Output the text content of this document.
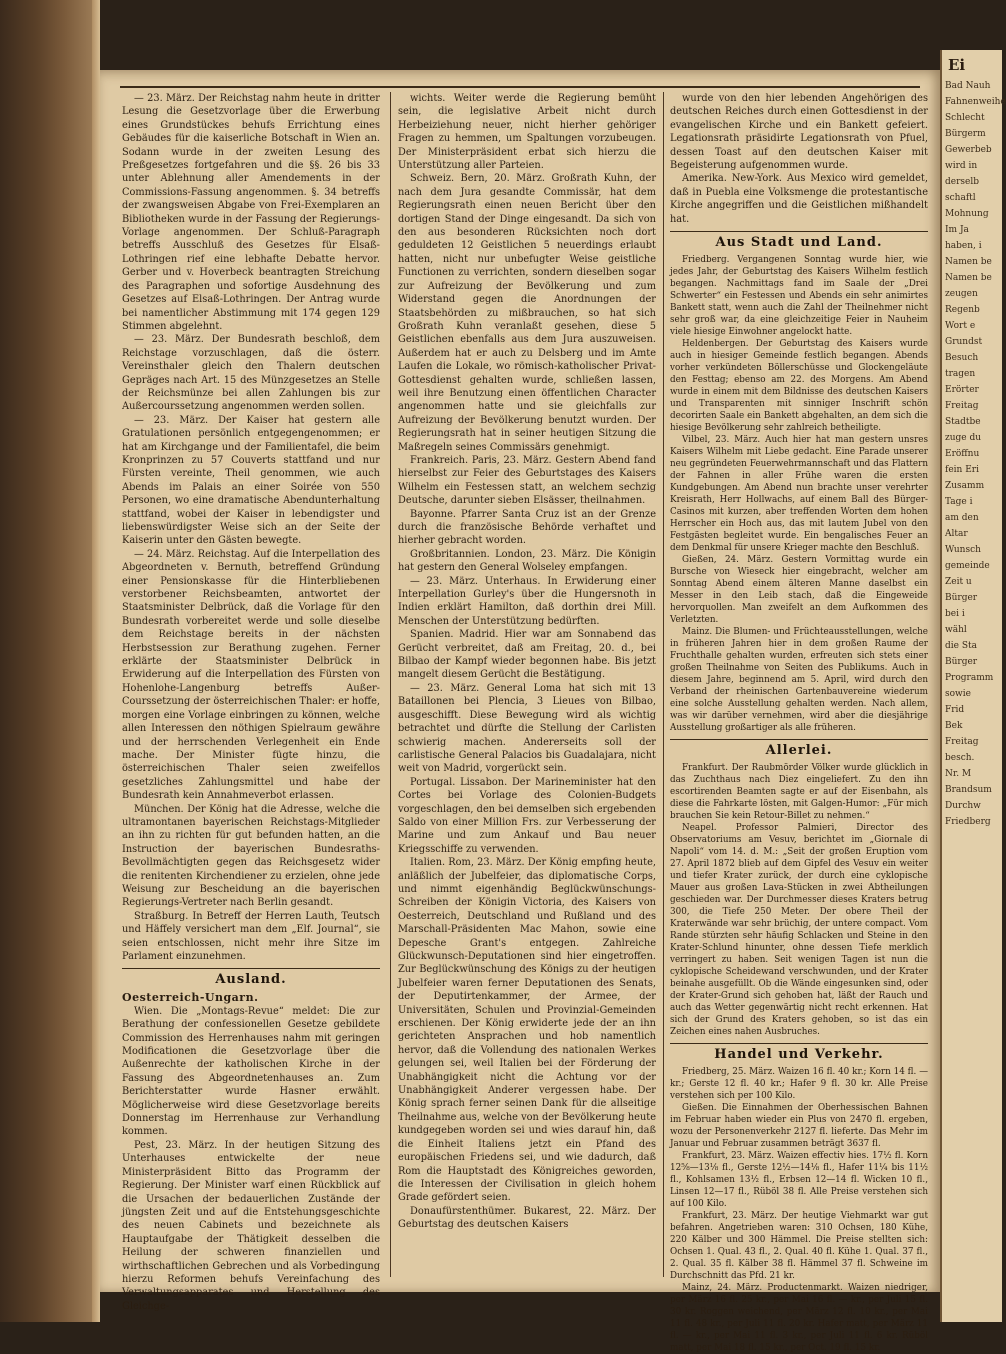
Ei
Bad Nauh
Fahnenweihe
Schlecht
Bürgerm
Gewerbeb
wird in
derselb
schaftl
Mohnung
Im Ja
haben, i
Namen be
Namen be
zeugen
Regenb
Wort e
Grundst
Besuch
tragen
Erörter
Freitag
Stadtbe
zuge du
Eröffnu
fein Eri
Zusamm
Tage i
am den
Altar
Wunsch
gemeinde
Zeit u
Bürger
bei i
wähl
die Sta
Bürger
Programm
sowie
Frid
Bek
Freitag
besch.
Nr. M
Brandsum
Durchw
Friedberg

— 23. März. Der Reichstag nahm heute in dritter Lesung die Gesetzvorlage über die Erwerbung eines Grundstückes behufs Errichtung eines Gebäudes für die kaiserliche Botschaft in Wien an. Sodann wurde in der zweiten Lesung des Preßgesetzes fortgefahren und die §§. 26 bis 33 unter Ablehnung aller Amendements in der Commissions-Fassung angenommen. §. 34 betreffs der zwangsweisen Abgabe von Frei-Exemplaren an Bibliotheken wurde in der Fassung der Regierungs-Vorlage angenommen. Der Schluß-Paragraph betreffs Ausschluß des Gesetzes für Elsaß-Lothringen rief eine lebhafte Debatte hervor. Gerber und v. Hoverbeck beantragten Streichung des Paragraphen und sofortige Ausdehnung des Gesetzes auf Elsaß-Lothringen. Der Antrag wurde bei namentlicher Abstimmung mit 174 gegen 129 Stimmen abgelehnt.

— 23. März. Der Bundesrath beschloß, dem Reichstage vorzuschlagen, daß die österr. Vereinsthaler gleich den Thalern deutschen Gepräges nach Art. 15 des Münzgesetzes an Stelle der Reichsmünze bei allen Zahlungen bis zur Außercourssetzung angenommen werden sollen.

— 23. März. Der Kaiser hat gestern alle Gratulationen persönlich entgegengenommen; er hat am Kirchgange und der Familientafel, die beim Kronprinzen zu 57 Couverts stattfand und nur Fürsten vereinte, Theil genommen, wie auch Abends im Palais an einer Soirée von 550 Personen, wo eine dramatische Abendunterhaltung stattfand, wobei der Kaiser in lebendigster und liebenswürdigster Weise sich an der Seite der Kaiserin unter den Gästen bewegte.

— 24. März. Reichstag. Auf die Interpellation des Abgeordneten v. Bernuth, betreffend Gründung einer Pensionskasse für die Hinterbliebenen verstorbener Reichsbeamten, antwortet der Staatsminister Delbrück, daß die Vorlage für den Bundesrath vorbereitet werde und solle dieselbe dem Reichstage bereits in der nächsten Herbstsession zur Berathung zugehen. Ferner erklärte der Staatsminister Delbrück in Erwiderung auf die Interpellation des Fürsten von Hohenlohe-Langenburg betreffs Außer-Courssetzung der österreichischen Thaler: er hoffe, morgen eine Vorlage einbringen zu können, welche allen Interessen den nöthigen Spielraum gewähre und der herrschenden Verlegenheit ein Ende mache. Der Minister fügte hinzu, die österreichischen Thaler seien zweifellos gesetzliches Zahlungsmittel und habe der Bundesrath kein Annahmeverbot erlassen.

München. Der König hat die Adresse, welche die ultramontanen bayerischen Reichstags-Mitglieder an ihn zu richten für gut befunden hatten, an die Instruction der bayerischen Bundesraths-Bevollmächtigten gegen das Reichsgesetz wider die renitenten Kirchendiener zu erzielen, ohne jede Weisung zur Bescheidung an die bayerischen Regierungs-Vertreter nach Berlin gesandt.

Straßburg. In Betreff der Herren Lauth, Teutsch und Häffely versichert man dem „Elf. Journal“, sie seien entschlossen, nicht mehr ihre Sitze im Parlament einzunehmen.

Ausland.
Oesterreich-Ungarn.

Wien. Die „Montags-Revue“ meldet: Die zur Berathung der confessionellen Gesetze gebildete Commission des Herrenhauses nahm mit geringen Modificationen die Gesetzvorlage über die Außenrechte der katholischen Kirche in der Fassung des Abgeordnetenhauses an. Zum Berichterstatter wurde Hasner erwählt. Möglicherweise wird diese Gesetzvorlage bereits Donnerstag im Herrenhause zur Verhandlung kommen.

Pest, 23. März. In der heutigen Sitzung des Unterhauses entwickelte der neue Ministerpräsident Bitto das Programm der Regierung. Der Minister warf einen Rückblick auf die Ursachen der bedauerlichen Zustände der jüngsten Zeit und auf die Entstehungsgeschichte des neuen Cabinets und bezeichnete als Hauptaufgabe der Thätigkeit desselben die Heilung der schweren finanziellen und wirthschaftlichen Gebrechen und als Vorbedingung hierzu Reformen behufs Vereinfachung des Verwaltungsapparates und Herstellung des Gleichge-

wichts. Weiter werde die Regierung bemüht sein, die legislative Arbeit nicht durch Herbeiziehung neuer, nicht hierher gehöriger Fragen zu hemmen, um Spaltungen vorzubeugen. Der Ministerpräsident erbat sich hierzu die Unterstützung aller Parteien.

Schweiz. Bern, 20. März. Großrath Kuhn, der nach dem Jura gesandte Commissär, hat dem Regierungsrath einen neuen Bericht über den dortigen Stand der Dinge eingesandt. Da sich von den aus besonderen Rücksichten noch dort geduldeten 12 Geistlichen 5 neuerdings erlaubt hatten, nicht nur unbefugter Weise geistliche Functionen zu verrichten, sondern dieselben sogar zur Aufreizung der Bevölkerung und zum Widerstand gegen die Anordnungen der Staatsbehörden zu mißbrauchen, so hat sich Großrath Kuhn veranlaßt gesehen, diese 5 Geistlichen ebenfalls aus dem Jura auszuweisen. Außerdem hat er auch zu Delsberg und im Amte Laufen die Lokale, wo römisch-katholischer Privat-Gottesdienst gehalten wurde, schließen lassen, weil ihre Benutzung einen öffentlichen Character angenommen hatte und sie gleichfalls zur Aufreizung der Bevölkerung benutzt wurden. Der Regierungsrath hat in seiner heutigen Sitzung die Maßregeln seines Commissärs genehmigt.

Frankreich. Paris, 23. März. Gestern Abend fand hierselbst zur Feier des Geburtstages des Kaisers Wilhelm ein Festessen statt, an welchem sechzig Deutsche, darunter sieben Elsässer, theilnahmen.

Bayonne. Pfarrer Santa Cruz ist an der Grenze durch die französische Behörde verhaftet und hierher gebracht worden.

Großbritannien. London, 23. März. Die Königin hat gestern den General Wolseley empfangen.

— 23. März. Unterhaus. In Erwiderung einer Interpellation Gurley's über die Hungersnoth in Indien erklärt Hamilton, daß dorthin drei Mill. Menschen der Unterstützung bedürften.

Spanien. Madrid. Hier war am Sonnabend das Gerücht verbreitet, daß am Freitag, 20. d., bei Bilbao der Kampf wieder begonnen habe. Bis jetzt mangelt diesem Gerücht die Bestätigung.

— 23. März. General Loma hat sich mit 13 Bataillonen bei Plencia, 3 Lieues von Bilbao, ausgeschifft. Diese Bewegung wird als wichtig betrachtet und dürfte die Stellung der Carlisten schwierig machen. Andererseits soll der carlistische General Palacios bis Guadalajara, nicht weit von Madrid, vorgerückt sein.

Portugal. Lissabon. Der Marineminister hat den Cortes bei Vorlage des Colonien-Budgets vorgeschlagen, den bei demselben sich ergebenden Saldo von einer Million Frs. zur Verbesserung der Marine und zum Ankauf und Bau neuer Kriegsschiffe zu verwenden.

Italien. Rom, 23. März. Der König empfing heute, anläßlich der Jubelfeier, das diplomatische Corps, und nimmt eigenhändig Beglückwünschungs-Schreiben der Königin Victoria, des Kaisers von Oesterreich, Deutschland und Rußland und des Marschall-Präsidenten Mac Mahon, sowie eine Depesche Grant's entgegen. Zahlreiche Glückwunsch-Deputationen sind hier eingetroffen. Zur Beglückwünschung des Königs zu der heutigen Jubelfeier waren ferner Deputationen des Senats, der Deputirtenkammer, der Armee, der Universitäten, Schulen und Provinzial-Gemeinden erschienen. Der König erwiderte jede der an ihn gerichteten Ansprachen und hob namentlich hervor, daß die Vollendung des nationalen Werkes gelungen sei, weil Italien bei der Förderung der Unabhängigkeit nicht die Achtung vor der Unabhängigkeit Anderer vergessen habe. Der König sprach ferner seinen Dank für die allseitige Theilnahme aus, welche von der Bevölkerung heute kundgegeben worden sei und wies darauf hin, daß die Einheit Italiens jetzt ein Pfand des europäischen Friedens sei, und wie dadurch, daß Rom die Hauptstadt des Königreiches geworden, die Interessen der Civilisation in gleich hohem Grade gefördert seien.

Donaufürstenthümer. Bukarest, 22. März. Der Geburtstag des deutschen Kaisers

wurde von den hier lebenden Angehörigen des deutschen Reiches durch einen Gottesdienst in der evangelischen Kirche und ein Bankett gefeiert. Legationsrath präsidirte Legationsrath von Pfuel, dessen Toast auf den deutschen Kaiser mit Begeisterung aufgenommen wurde.

Amerika. New-York. Aus Mexico wird gemeldet, daß in Puebla eine Volksmenge die protestantische Kirche angegriffen und die Geistlichen mißhandelt hat.

Aus Stadt und Land.

Friedberg. Vergangenen Sonntag wurde hier, wie jedes Jahr, der Geburtstag des Kaisers Wilhelm festlich begangen. Nachmittags fand im Saale der „Drei Schwerter“ ein Festessen und Abends ein sehr animirtes Bankett statt, wenn auch die Zahl der Theilnehmer nicht sehr groß war, da eine gleichzeitige Feier in Nauheim viele hiesige Einwohner angelockt hatte.

Heldenbergen. Der Geburtstag des Kaisers wurde auch in hiesiger Gemeinde festlich begangen. Abends vorher verkündeten Böllerschüsse und Glockengeläute den Festtag; ebenso am 22. des Morgens. Am Abend wurde in einem mit dem Bildnisse des deutschen Kaisers und Transparenten mit sinniger Inschrift schön decorirten Saale ein Bankett abgehalten, an dem sich die hiesige Bevölkerung sehr zahlreich betheiligte.

Vilbel, 23. März. Auch hier hat man gestern unsres Kaisers Wilhelm mit Liebe gedacht. Eine Parade unserer neu gegründeten Feuerwehrmannschaft und das Flattern der Fahnen in aller Frühe waren die ersten Kundgebungen. Am Abend nun brachte unser verehrter Kreisrath, Herr Hollwachs, auf einem Ball des Bürger-Casinos mit kurzen, aber treffenden Worten dem hohen Herrscher ein Hoch aus, das mit lautem Jubel von den Festgästen begleitet wurde. Ein bengalisches Feuer an dem Denkmal für unsere Krieger machte den Beschluß.

Gießen, 24. März. Gestern Vormittag wurde ein Bursche von Wieseck hier eingebracht, welcher am Sonntag Abend einem älteren Manne daselbst ein Messer in den Leib stach, daß die Eingeweide hervorquollen. Man zweifelt an dem Aufkommen des Verletzten.

Mainz. Die Blumen- und Früchteausstellungen, welche in früheren Jahren hier in dem großen Raume der Fruchthalle gehalten wurden, erfreuten sich stets einer großen Theilnahme von Seiten des Publikums. Auch in diesem Jahre, beginnend am 5. April, wird durch den Verband der rheinischen Gartenbauvereine wiederum eine solche Ausstellung gehalten werden. Nach allem, was wir darüber vernehmen, wird aber die diesjährige Ausstellung großartiger als alle früheren.

Allerlei.

Frankfurt. Der Raubmörder Völker wurde glücklich in das Zuchthaus nach Diez eingeliefert. Zu den ihn escortirenden Beamten sagte er auf der Eisenbahn, als diese die Fahrkarte lösten, mit Galgen-Humor: „Für mich brauchen Sie kein Retour-Billet zu nehmen.“

Neapel. Professor Palmieri, Director des Observatoriums am Vesuv, berichtet im „Giornale di Napoli“ vom 14. d. M.: „Seit der großen Eruption vom 27. April 1872 blieb auf dem Gipfel des Vesuv ein weiter und tiefer Krater zurück, der durch eine cyklopische Mauer aus großen Lava-Stücken in zwei Abtheilungen geschieden war. Der Durchmesser dieses Kraters betrug 300, die Tiefe 250 Meter. Der obere Theil der Kraterwände war sehr brüchig, der untere compact. Vom Rande stürzten sehr häufig Schlacken und Steine in den Krater-Schlund hinunter, ohne dessen Tiefe merklich verringert zu haben. Seit wenigen Tagen ist nun die cyklopische Scheidewand verschwunden, und der Krater beinahe ausgefüllt. Ob die Wände eingesunken sind, oder der Krater-Grund sich gehoben hat, läßt der Rauch und auch das Wetter gegenwärtig nicht recht erkennen. Hat sich der Grund des Kraters gehoben, so ist das ein Zeichen eines nahen Ausbruches.

Handel und Verkehr.

Friedberg, 25. März. Waizen 16 fl. 40 kr.; Korn 14 fl. — kr.; Gerste 12 fl. 40 kr.; Hafer 9 fl. 30 kr. Alle Preise verstehen sich per 100 Kilo.

Gießen. Die Einnahmen der Oberhessischen Bahnen im Februar haben wieder ein Plus von 2470 fl. ergeben, wozu der Personenverkehr 2127 fl. lieferte. Das Mehr im Januar und Februar zusammen beträgt 3637 fl.

Frankfurt, 23. März. Waizen effectiv hies. 17½ fl. Korn 12⅝—13⅛ fl., Gerste 12½—14⅛ fl., Hafer 11¼ bis 11½ fl., Kohlsamen 13½ fl., Erbsen 12—14 fl. Wicken 10 fl., Linsen 12—17 fl., Rüböl 38 fl. Alle Preise verstehen sich auf 100 Kilo.

Frankfurt, 23. März. Der heutige Viehmarkt war gut befahren. Angetrieben waren: 310 Ochsen, 180 Kühe, 220 Kälber und 300 Hämmel. Die Preise stellten sich: Ochsen 1. Qual. 43 fl., 2. Qual. 40 fl. Kühe 1. Qual. 37 fl., 2. Qual. 35 fl. Kälber 38 fl. Hämmel 37 fl. Schweine im Durchschnitt das Pfd. 21 kr.

Mainz, 24. März. Productenmarkt. Waizen niedriger, per März 16 fl. 25 kr., per Mai 16 fl. — kr., per Juli 15 fl. 30 kr. Roggen weichend, per März 12 fl. 10 kr., per Mai 11 fl. 48 kr., per Juli 11 fl. 20 kr. Hafer matt, per März 11 fl. — kr., per Mai 11 fl. 3 kr., per Juli 11 fl. 6 kr. Rüböl matt, per Mai 18 fl. 15 kr., per Oct. 19 fl. 15 kr.
